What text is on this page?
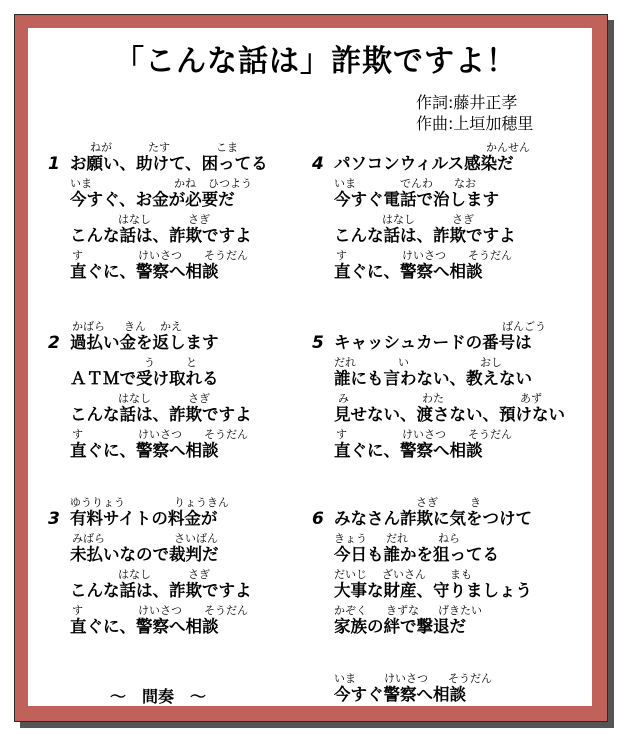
「こんな話は」詐欺ですよ！
作詞:藤井正孝
作曲:上垣加穂里
1
ねが	たす	こま
お願い、助けて、困ってる
いま	かね ひつよう
今すぐ、お金が必要だ
はなし	さぎ
こんな話は、詐欺ですよ
す	けいさつ そうだん
直ぐに、警察へ相談
2
かばら きん かえ
過払い金を返します
う	と
ＡＴＭで受け取れる
はなし	さぎ
こんな話は、詐欺ですよ
す	けいさつ そうだん
直ぐに、警察へ相談
3
ゆうりょう	りょうきん
有料サイトの料金が
みばら	さいばん
未払いなので裁判だ
はなし	さぎ
こんな話は、詐欺ですよ
す	けいさつ そうだん
直ぐに、警察へ相談
4
かんせん
パソコンウィルス感染だ
いま	でんわ なお
今すぐ電話で治します
はなし	さぎ
こんな話は、詐欺ですよ
す	けいさつ そうだん
直ぐに、警察へ相談
5
ばんごう
キャッシュカードの番号は
だれ	い	おし
誰にも言わない、教えない
み	わた	あず
見せない、渡さない、預けない
す	けいさつ そうだん
直ぐに、警察へ相談
6
さぎ	き
みなさん詐欺に気をつけて
きょう だれ	ねら
今日も誰かを狙ってる
だいじ ざいさん まも
大事な財産、守りましょう
かぞく きずな げきたい
家族の絆で撃退だ
～　間奏　～
いま	けいさつ そうだん
今すぐ警察へ相談
